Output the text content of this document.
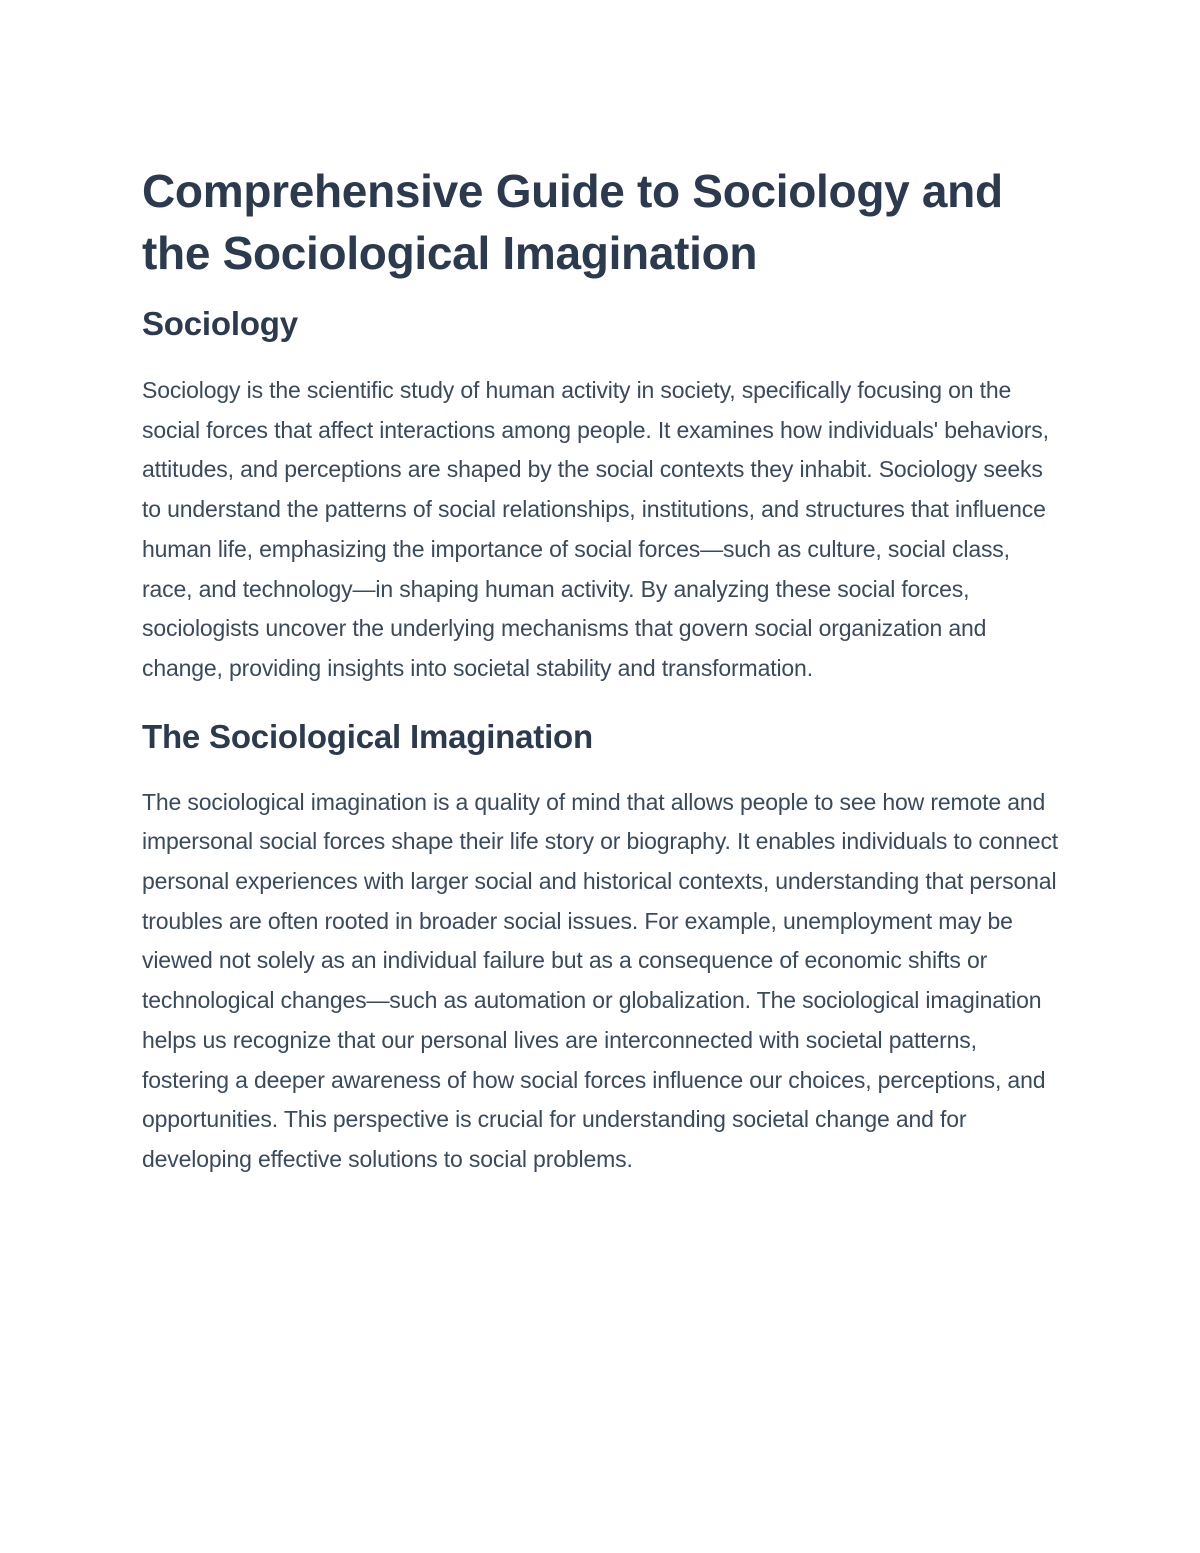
Comprehensive Guide to Sociology and the Sociological Imagination
Sociology

Sociology is the scientific study of human activity in society, specifically focusing on the social forces that affect interactions among people. It examines how individuals' behaviors, attitudes, and perceptions are shaped by the social contexts they inhabit. Sociology seeks to understand the patterns of social relationships, institutions, and structures that influence human life, emphasizing the importance of social forces—such as culture, social class, race, and technology—in shaping human activity. By analyzing these social forces, sociologists uncover the underlying mechanisms that govern social organization and change, providing insights into societal stability and transformation.

The Sociological Imagination

The sociological imagination is a quality of mind that allows people to see how remote and impersonal social forces shape their life story or biography. It enables individuals to connect personal experiences with larger social and historical contexts, understanding that personal troubles are often rooted in broader social issues. For example, unemployment may be viewed not solely as an individual failure but as a consequence of economic shifts or technological changes—such as automation or globalization. The sociological imagination helps us recognize that our personal lives are interconnected with societal patterns, fostering a deeper awareness of how social forces influence our choices, perceptions, and opportunities. This perspective is crucial for understanding societal change and for developing effective solutions to social problems.
